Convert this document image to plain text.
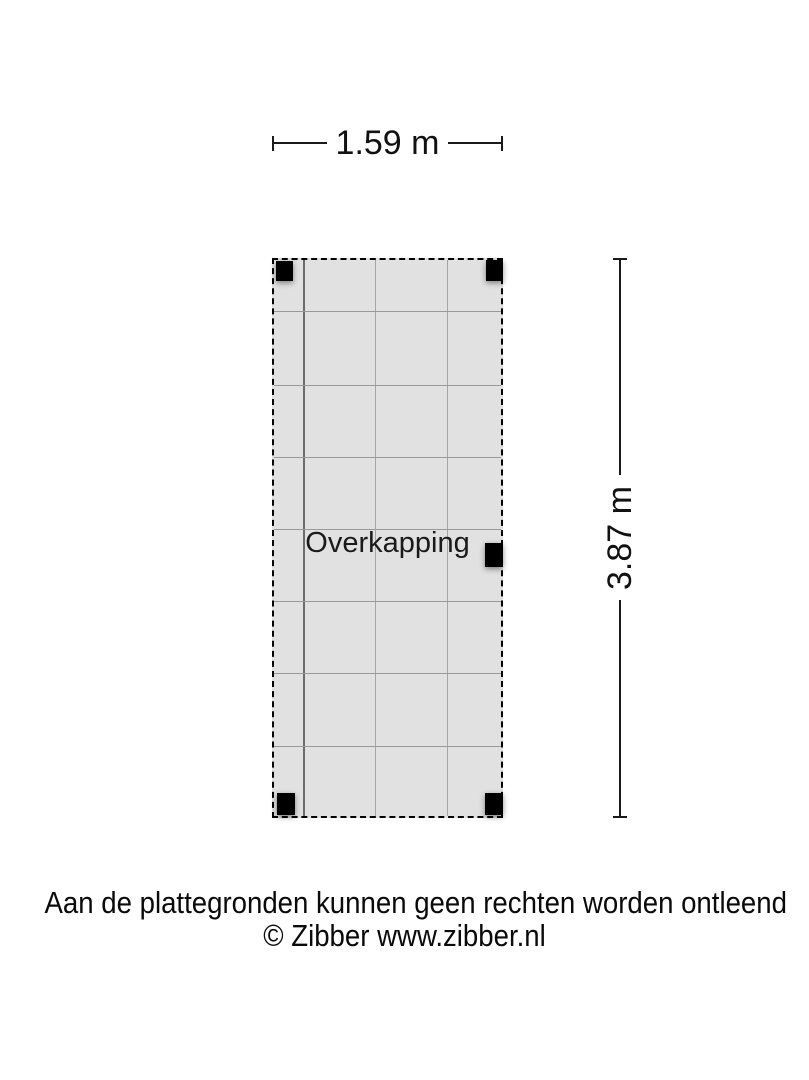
1.59 m
Overkapping	3.87 m
Aan de plattegronden kunnen geen rechten worden ontleend
© Zibber www.zibber.nl
